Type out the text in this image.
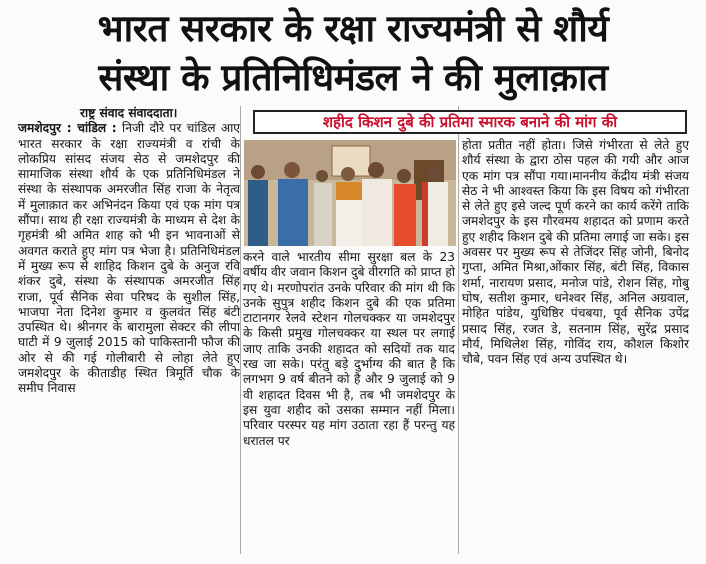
भारत सरकार के रक्षा राज्यमंत्री से शौर्य
संस्था के प्रतिनिधिमंडल ने की मुलाक़ात

राष्ट्र संवाद संवाददाता।

जमशेदपुर : चांडिल : निजी दौरे पर चांडिल आए भारत सरकार के रक्षा राज्यमंत्री व रांची के लोकप्रिय सांसद संजय सेठ से जमशेदपुर की सामाजिक संस्था शौर्य के एक प्रतिनिधिमंडल ने संस्था के संस्थापक अमरजीत सिंह राजा के नेतृत्व में मुलाक़ात कर अभिनंदन किया एवं एक मांग पत्र सौंपा। साथ ही रक्षा राज्यमंत्री के माध्यम से देश के गृहमंत्री श्री अमित शाह को भी इन भावनाओं से अवगत कराते हुए मांग पत्र भेजा है। प्रतिनिधिमंडल में मुख्य रूप से शाहिद किशन दुबे के अनुज रवि शंकर दुबे, संस्था के संस्थापक अमरजीत सिंह राजा, पूर्व सैनिक सेवा परिषद के सुशील सिंह, भाजपा नेता दिनेश कुमार व कुलवंत सिंह बंटी उपस्थित थे। श्रीनगर के बारामुला सेक्टर की लीपा घाटी में 9 जुलाई 2015 को पाकिस्तानी फौज की ओर से की गई गोलीबारी से लोहा लेते हुए जमशेदपुर के कीताडीह स्थित त्रिमूर्ति चौक के समीप निवास

शहीद किशन दुबे की प्रतिमा स्मारक बनाने की मांग की

करने वाले भारतीय सीमा सुरक्षा बल के 23 वर्षीय वीर जवान किशन दुबे वीरगति को प्राप्त हो गए थे। मरणोपरांत उनके परिवार की मांग थी कि उनके सुपुत्र शहीद किशन दुबे की एक प्रतिमा टाटानगर रेलवे स्टेशन गोलचक्कर या जमशेदपुर के किसी प्रमुख गोलचक्कर या स्थल पर लगाई जाए ताकि उनकी शहादत को सदियों तक याद रख जा सके। परंतु बड़े दुर्भाग्य की बात है कि लगभग 9 वर्ष बीतने को है और 9 जुलाई को 9 वी शहादत दिवस भी है, तब भी जमशेदपुर के इस युवा शहीद को उसका सम्मान नहीं मिला। परिवार परस्पर यह मांग उठाता रहा हैं परन्तु यह धरातल पर

होता प्रतीत नहीं होता। जिसे गंभीरता से लेते हुए शौर्य संस्था के द्वारा ठोस पहल की गयी और आज एक मांग पत्र सौंपा गया।माननीय केंद्रीय मंत्री संजय सेठ ने भी आश्वस्त किया कि इस विषय को गंभीरता से लेते हुए इसे जल्द पूर्ण करने का कार्य करेंगे ताकि जमशेदपुर के इस गौरवमय शहादत को प्रणाम करते हुए शहीद किशन दुबे की प्रतिमा लगाई जा सके। इस अवसर पर मुख्य रूप से तेजिंदर सिंह जोनी, बिनोद गुप्ता, अमित मिश्रा,ओंकार सिंह, बंटी सिंह, विकास शर्मा, नारायण प्रसाद, मनोज पांडे, रोशन सिंह, गोबु घोष, सतीश कुमार, धनेश्वर सिंह, अनिल अग्रवाल, मोहित पांडेय, युधिष्ठिर पंचबया, पूर्व सैनिक उपेंद्र प्रसाद सिंह, रजत डे, सतनाम सिंह, सुरेंद्र प्रसाद मौर्य, मिथिलेश सिंह, गोविंद राय, कौशल किशोर चौबे, पवन सिंह एवं अन्य उपस्थित थे।
